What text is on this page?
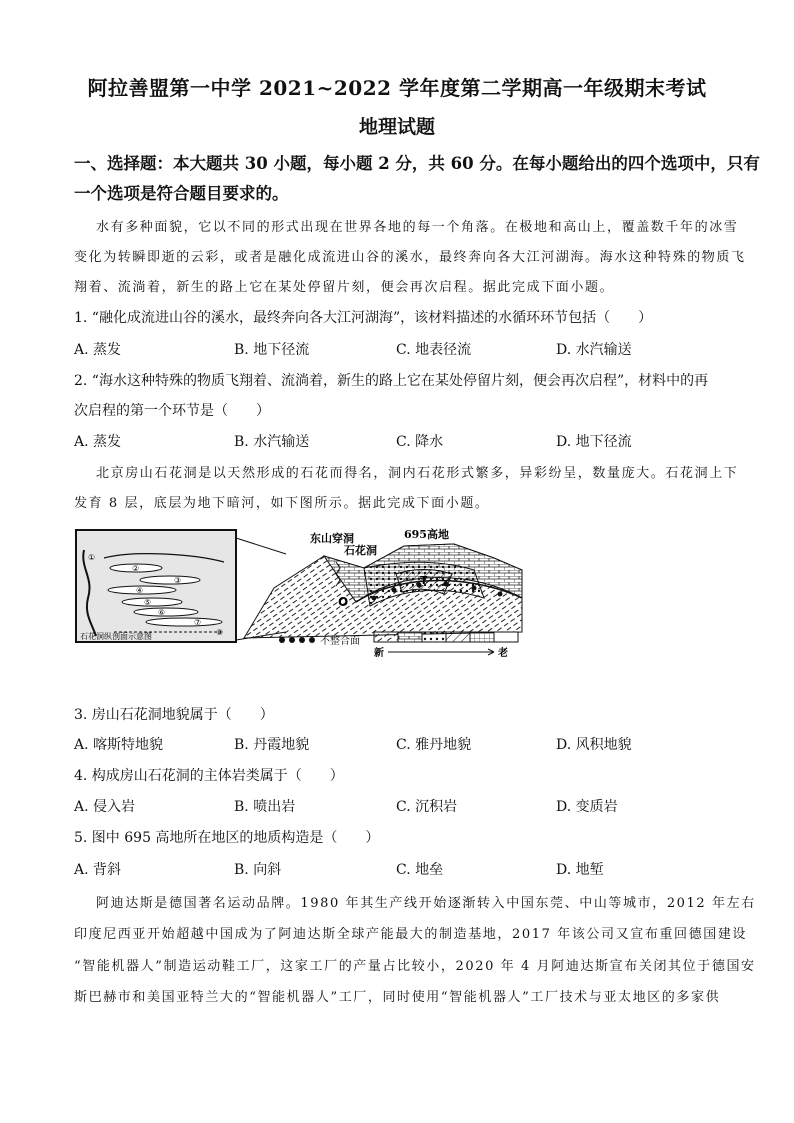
阿拉善盟第一中学 2021~2022 学年度第二学期高一年级期末考试
地理试题
一、选择题：本大题共 30 小题，每小题 2 分，共 60 分。在每小题给出的四个选项中，只有
一个选项是符合题目要求的。
水有多种面貌，它以不同的形式出现在世界各地的每一个角落。在极地和高山上，覆盖数千年的冰雪
变化为转瞬即逝的云彩，或者是融化成流进山谷的溪水，最终奔向各大江河湖海。海水这种特殊的物质飞
翔着、流淌着，新生的路上它在某处停留片刻，便会再次启程。据此完成下面小题。
1. “融化成流进山谷的溪水，最终奔向各大江河湖海”，该材料描述的水循环环节包括（　　）
A. 蒸发	B. 地下径流	C. 地表径流	D. 水汽输送
2. “海水这种特殊的物质飞翔着、流淌着，新生的路上它在某处停留片刻，便会再次启程”，材料中的再
次启程的第一个环节是（　　）
A. 蒸发	B. 水汽输送	C. 降水	D. 地下径流
北京房山石花洞是以天然形成的石花而得名，洞内石花形式繁多，异彩纷呈，数量庞大。石花洞上下
发育 8 层，底层为地下暗河，如下图所示。据此完成下面小题。
①
②
③
④
⑤
⑥
⑦
⑧
石花洞纵剖面示意图
东山穿洞
石花洞
695高地
O
T
不整合面
新	老
3. 房山石花洞地貌属于（　　）
A. 喀斯特地貌	B. 丹霞地貌	C. 雅丹地貌	D. 风积地貌
4. 构成房山石花洞的主体岩类属于（　　）
A. 侵入岩	B. 喷出岩	C. 沉积岩	D. 变质岩
5. 图中 695 高地所在地区的地质构造是（　　）
A. 背斜	B. 向斜	C. 地垒	D. 地堑
阿迪达斯是德国著名运动品牌。1980 年其生产线开始逐渐转入中国东莞、中山等城市，2012 年左右
印度尼西亚开始超越中国成为了阿迪达斯全球产能最大的制造基地，2017 年该公司又宣布重回德国建设
“智能机器人”制造运动鞋工厂，这家工厂的产量占比较小，2020 年 4 月阿迪达斯宣布关闭其位于德国安
斯巴赫市和美国亚特兰大的“智能机器人”工厂，同时使用“智能机器人”工厂技术与亚太地区的多家供
